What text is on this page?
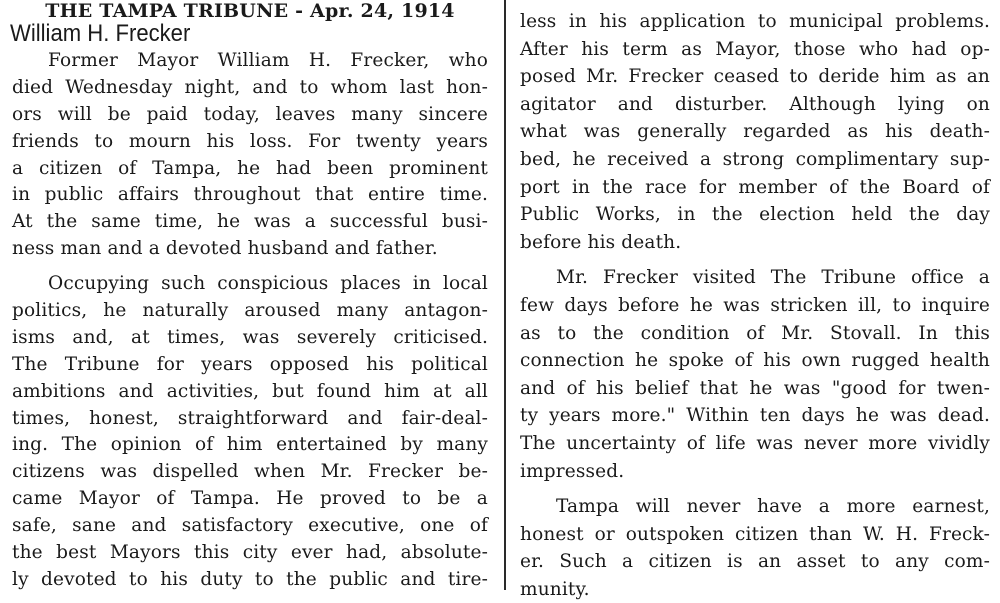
THE TAMPA TRIBUNE - Apr. 24, 1914
William H. Frecker
Former Mayor William H. Frecker, who
died Wednesday night, and to whom last hon-
ors will be paid today, leaves many sincere
friends to mourn his loss. For twenty years
a citizen of Tampa, he had been prominent
in public affairs throughout that entire time.
At the same time, he was a successful busi-
ness man and a devoted husband and father.
Occupying such conspicious places in local
politics, he naturally aroused many antagon-
isms and, at times, was severely criticised.
The Tribune for years opposed his political
ambitions and activities, but found him at all
times, honest, straightforward and fair-deal-
ing. The opinion of him entertained by many
citizens was dispelled when Mr. Frecker be-
came Mayor of Tampa. He proved to be a
safe, sane and satisfactory executive, one of
the best Mayors this city ever had, absolute-
ly devoted to his duty to the public and tire-
less in his application to municipal problems.
After his term as Mayor, those who had op-
posed Mr. Frecker ceased to deride him as an
agitator and disturber. Although lying on
what was generally regarded as his death-
bed, he received a strong complimentary sup-
port in the race for member of the Board of
Public Works, in the election held the day
before his death.
Mr. Frecker visited The Tribune office a
few days before he was stricken ill, to inquire
as to the condition of Mr. Stovall. In this
connection he spoke of his own rugged health
and of his belief that he was "good for twen-
ty years more." Within ten days he was dead.
The uncertainty of life was never more vividly
impressed.
Tampa will never have a more earnest,
honest or outspoken citizen than W. H. Freck-
er. Such a citizen is an asset to any com-
munity.
